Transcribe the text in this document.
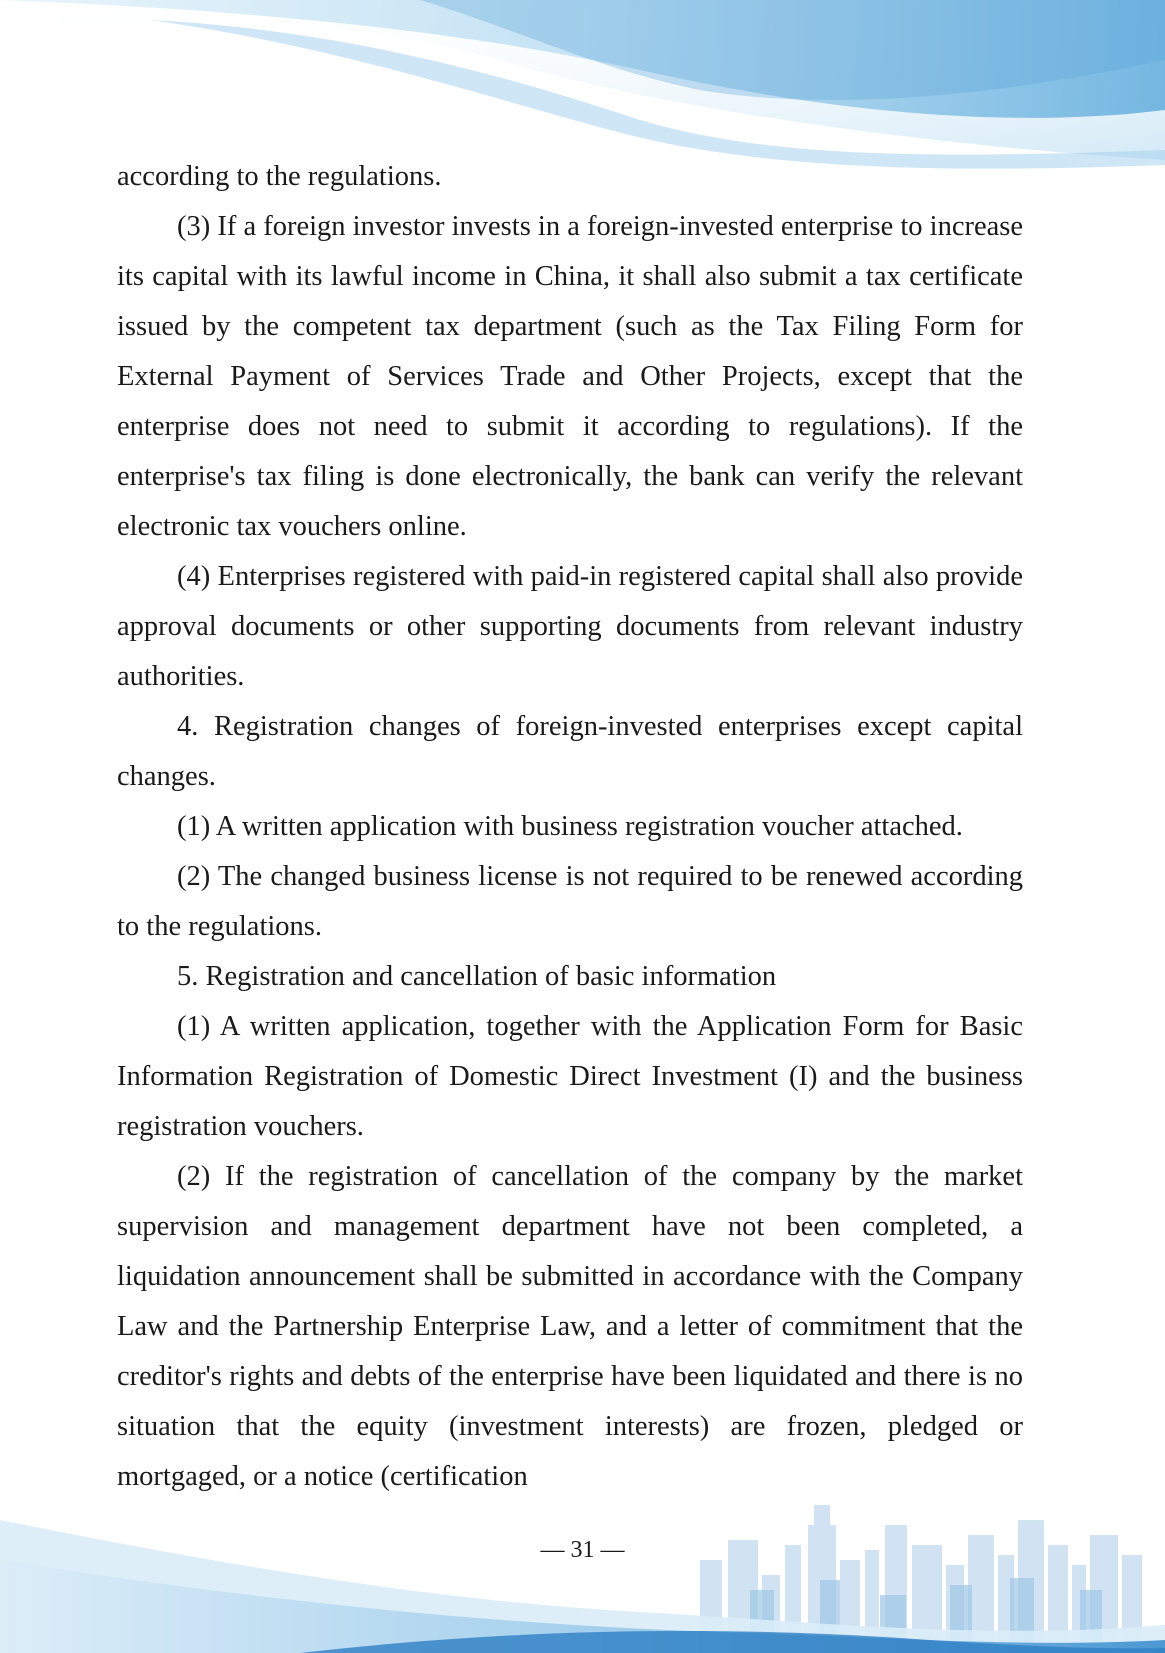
according to the regulations.

(3) If a foreign investor invests in a foreign-invested enterprise to increase its capital with its lawful income in China, it shall also submit a tax certificate issued by the competent tax department (such as the Tax Filing Form for External Payment of Services Trade and Other Projects, except that the enterprise does not need to submit it according to regulations). If the enterprise's tax filing is done electronically, the bank can verify the relevant electronic tax vouchers online.

(4) Enterprises registered with paid-in registered capital shall also provide approval documents or other supporting documents from relevant industry authorities.

4. Registration changes of foreign-invested enterprises except capital changes.

(1) A written application with business registration voucher attached.

(2) The changed business license is not required to be renewed according to the regulations.

5. Registration and cancellation of basic information

(1) A written application, together with the Application Form for Basic Information Registration of Domestic Direct Investment (I) and the business registration vouchers.

(2) If the registration of cancellation of the company by the market supervision and management department have not been completed, a liquidation announcement shall be submitted in accordance with the Company Law and the Partnership Enterprise Law, and a letter of commitment that the creditor's rights and debts of the enterprise have been liquidated and there is no situation that the equity (investment interests) are frozen, pledged or mortgaged, or a notice (certification

— 31 —
